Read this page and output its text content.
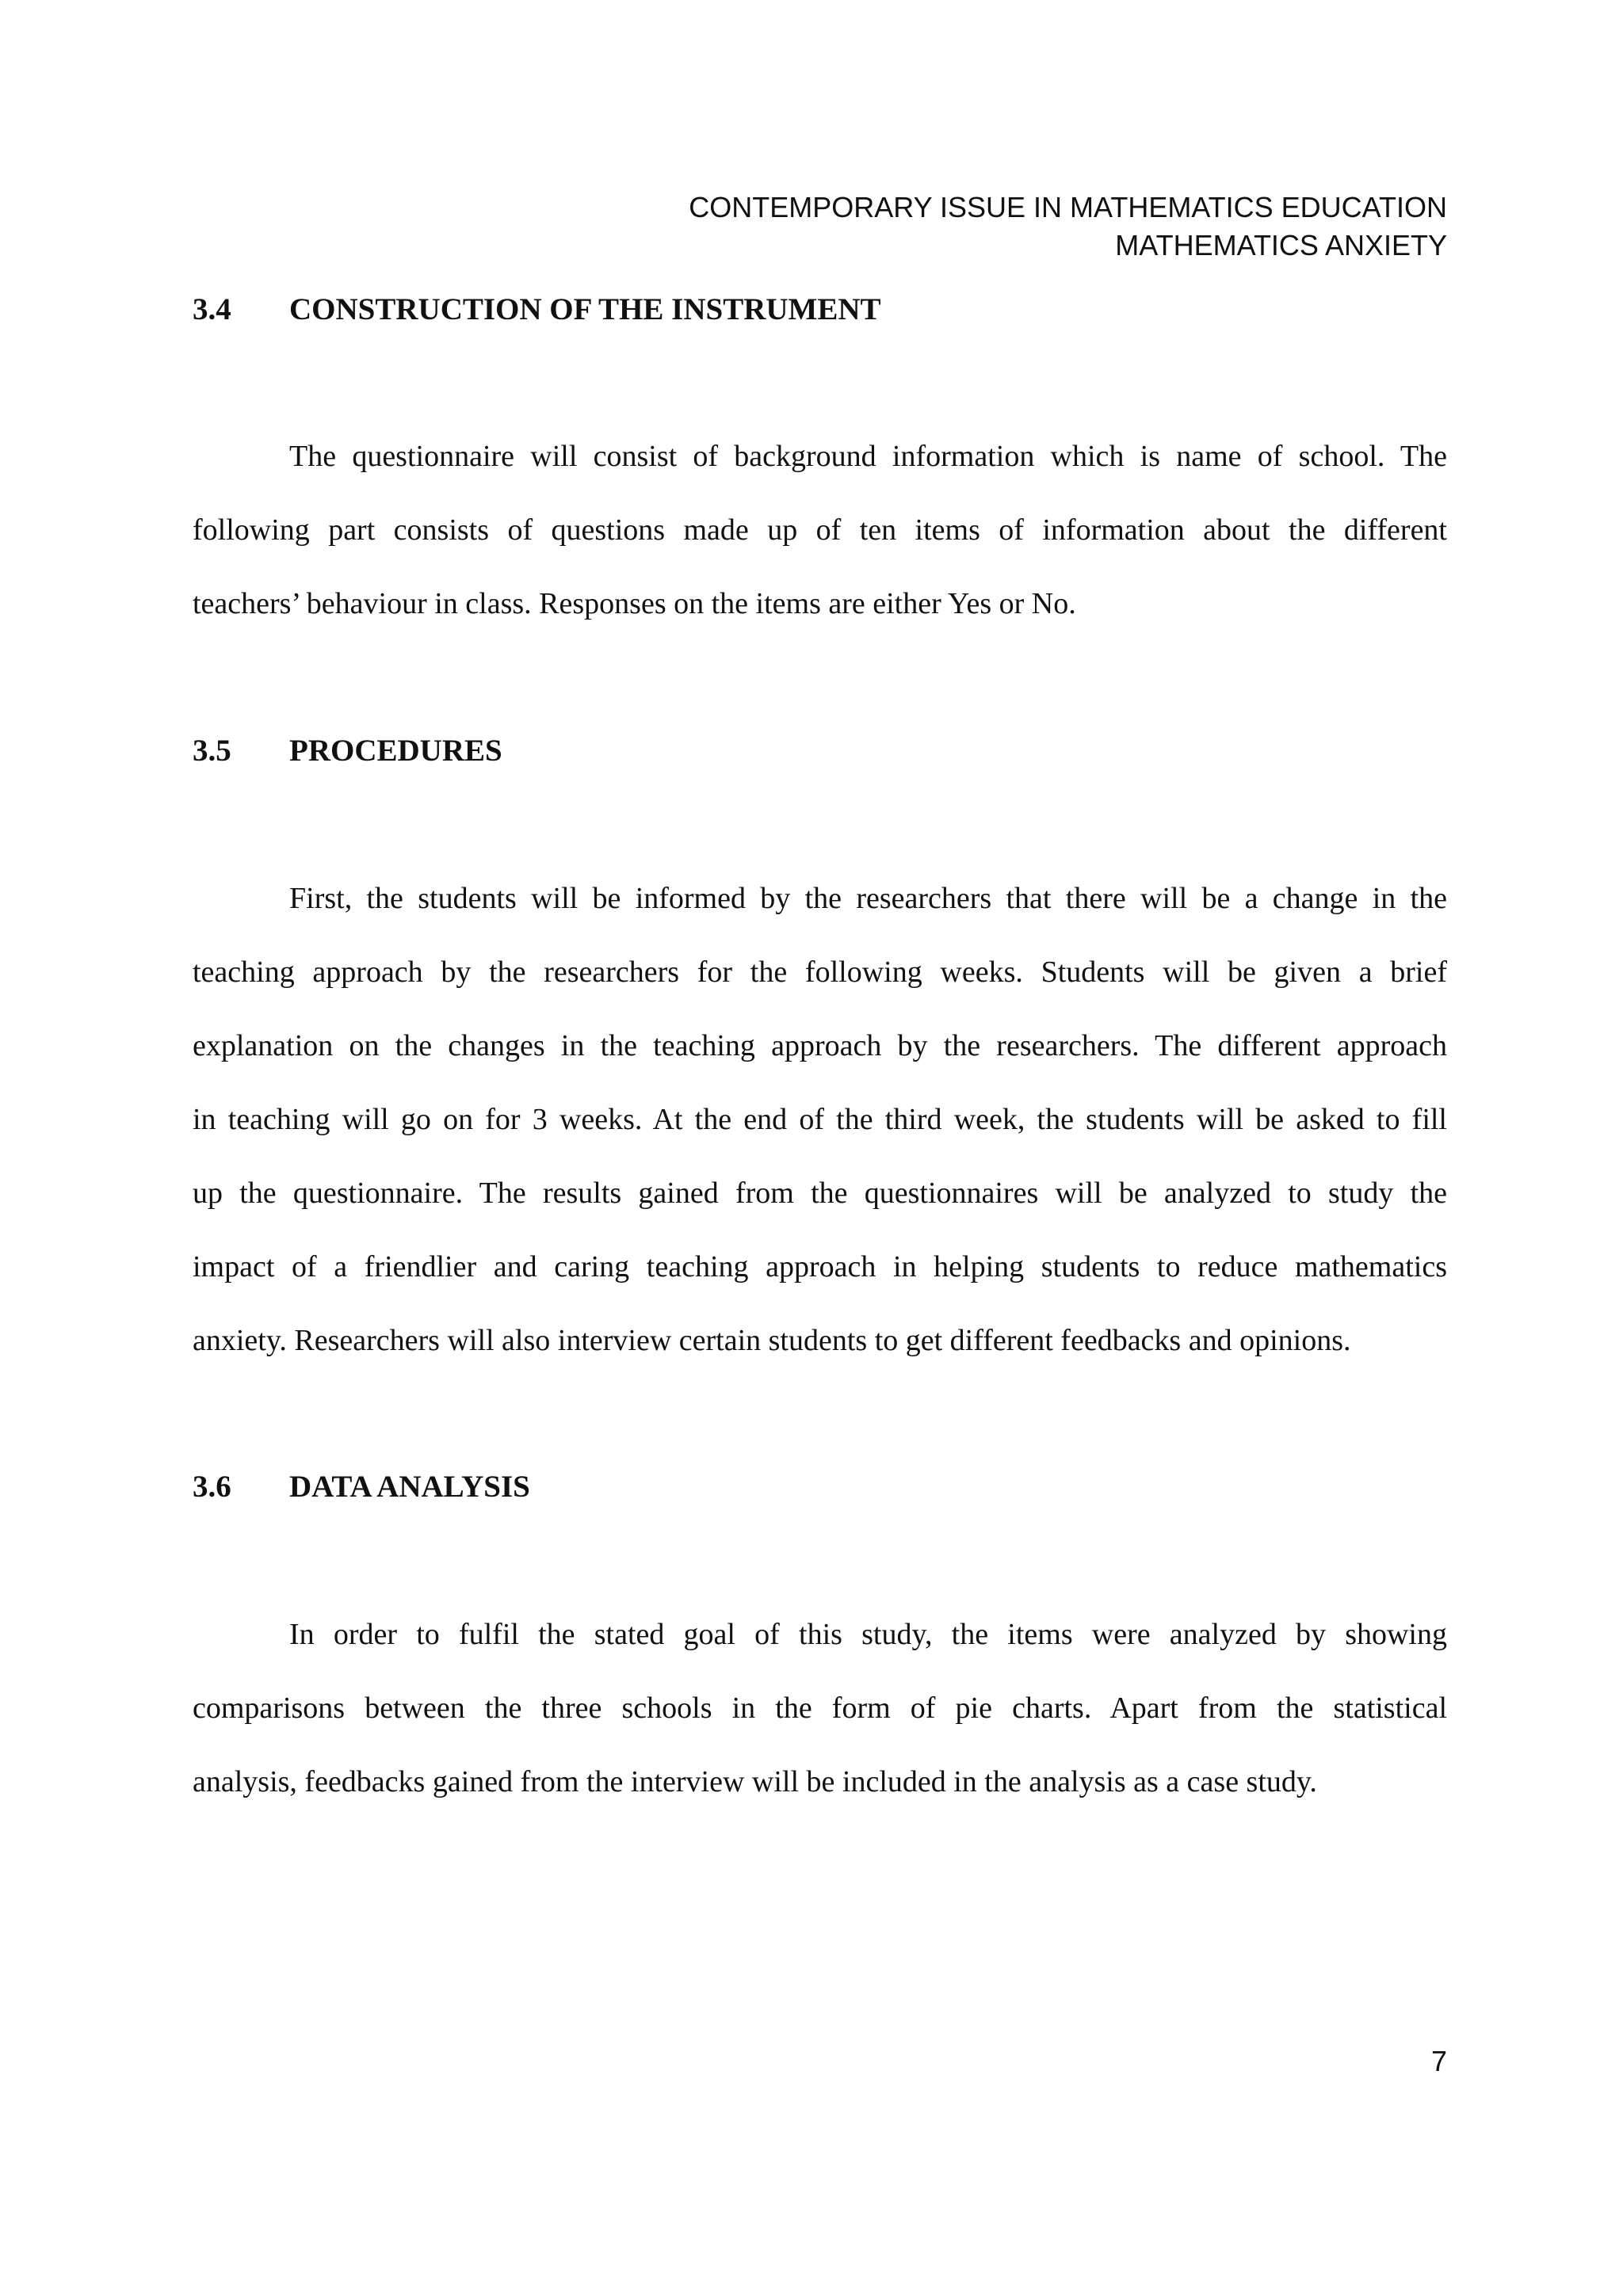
CONTEMPORARY ISSUE IN MATHEMATICS EDUCATION
MATHEMATICS ANXIETY
3.4 CONSTRUCTION OF THE INSTRUMENT
The questionnaire will consist of background information which is name of school. The
following part consists of questions made up of ten items of information about the different
teachers’ behaviour in class. Responses on the items are either Yes or No.
3.5 PROCEDURES
First, the students will be informed by the researchers that there will be a change in the
teaching approach by the researchers for the following weeks. Students will be given a brief
explanation on the changes in the teaching approach by the researchers. The different approach
in teaching will go on for 3 weeks. At the end of the third week, the students will be asked to fill
up the questionnaire. The results gained from the questionnaires will be analyzed to study the
impact of a friendlier and caring teaching approach in helping students to reduce mathematics
anxiety. Researchers will also interview certain students to get different feedbacks and opinions.
3.6 DATA ANALYSIS
In order to fulfil the stated goal of this study, the items were analyzed by showing
comparisons between the three schools in the form of pie charts. Apart from the statistical
analysis, feedbacks gained from the interview will be included in the analysis as a case study.
7
